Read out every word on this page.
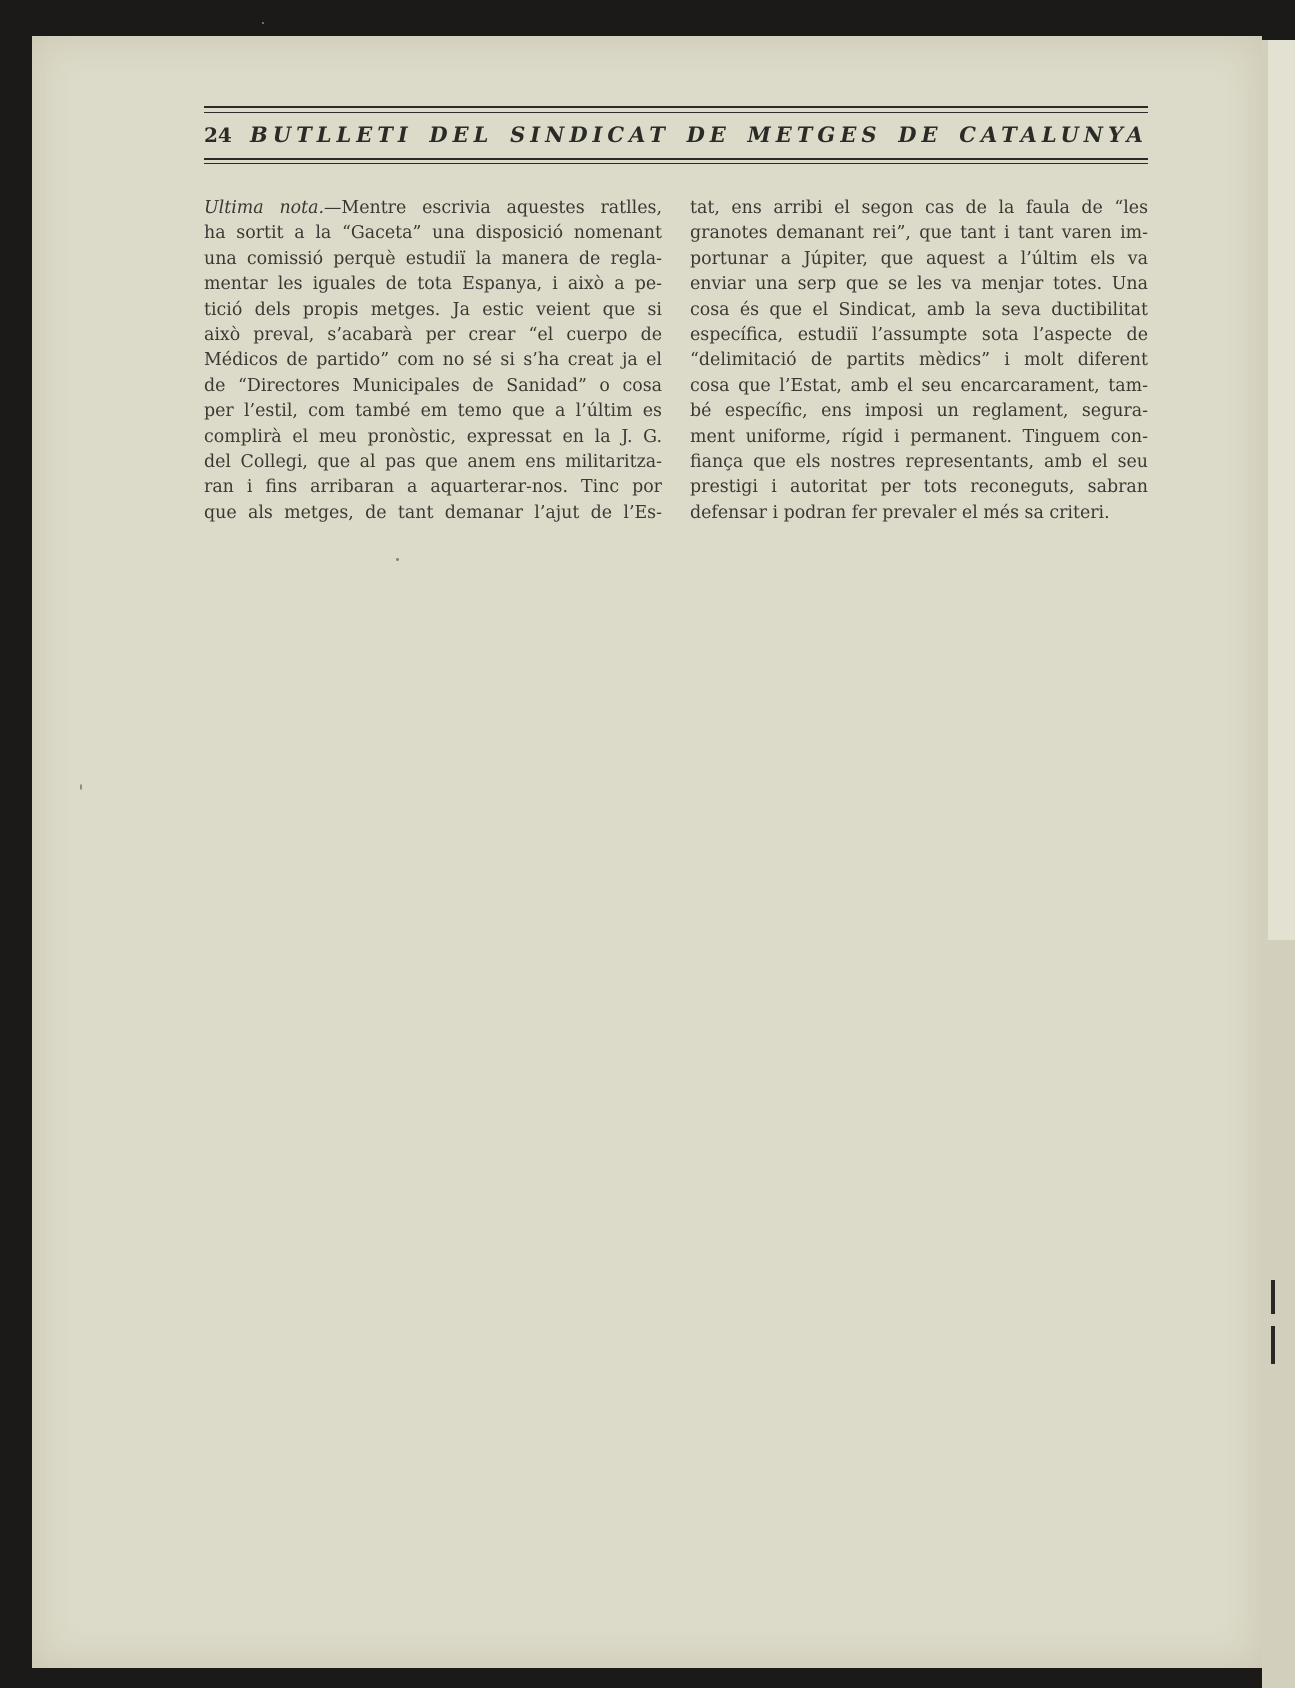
24 BUTLLETI DEL SINDICAT DE METGES DE CATALUNYA
Ultima nota.—Mentre escrivia aquestes ratlles,
ha sortit a la “Gaceta” una disposició nomenant
una comissió perquè estudiï la manera de regla-
mentar les iguales de tota Espanya, i això a pe-
tició dels propis metges. Ja estic veient que si
això preval, s’acabarà per crear “el cuerpo de
Médicos de partido” com no sé si s’ha creat ja el
de “Directores Municipales de Sanidad” o cosa
per l’estil, com també em temo que a l’últim es
complirà el meu pronòstic, expressat en la J. G.
del Collegi, que al pas que anem ens militaritza-
ran i fins arribaran a aquarterar-nos. Tinc por
que als metges, de tant demanar l’ajut de l’Es-
tat, ens arribi el segon cas de la faula de “les
granotes demanant rei”, que tant i tant varen im-
portunar a Júpiter, que aquest a l’últim els va
enviar una serp que se les va menjar totes. Una
cosa és que el Sindicat, amb la seva ductibilitat
específica, estudiï l’assumpte sota l’aspecte de
“delimitació de partits mèdics” i molt diferent
cosa que l’Estat, amb el seu encarcarament, tam-
bé específic, ens imposi un reglament, segura-
ment uniforme, rígid i permanent. Tinguem con-
fiança que els nostres representants, amb el seu
prestigi i autoritat per tots reconeguts, sabran
defensar i podran fer prevaler el més sa criteri.
